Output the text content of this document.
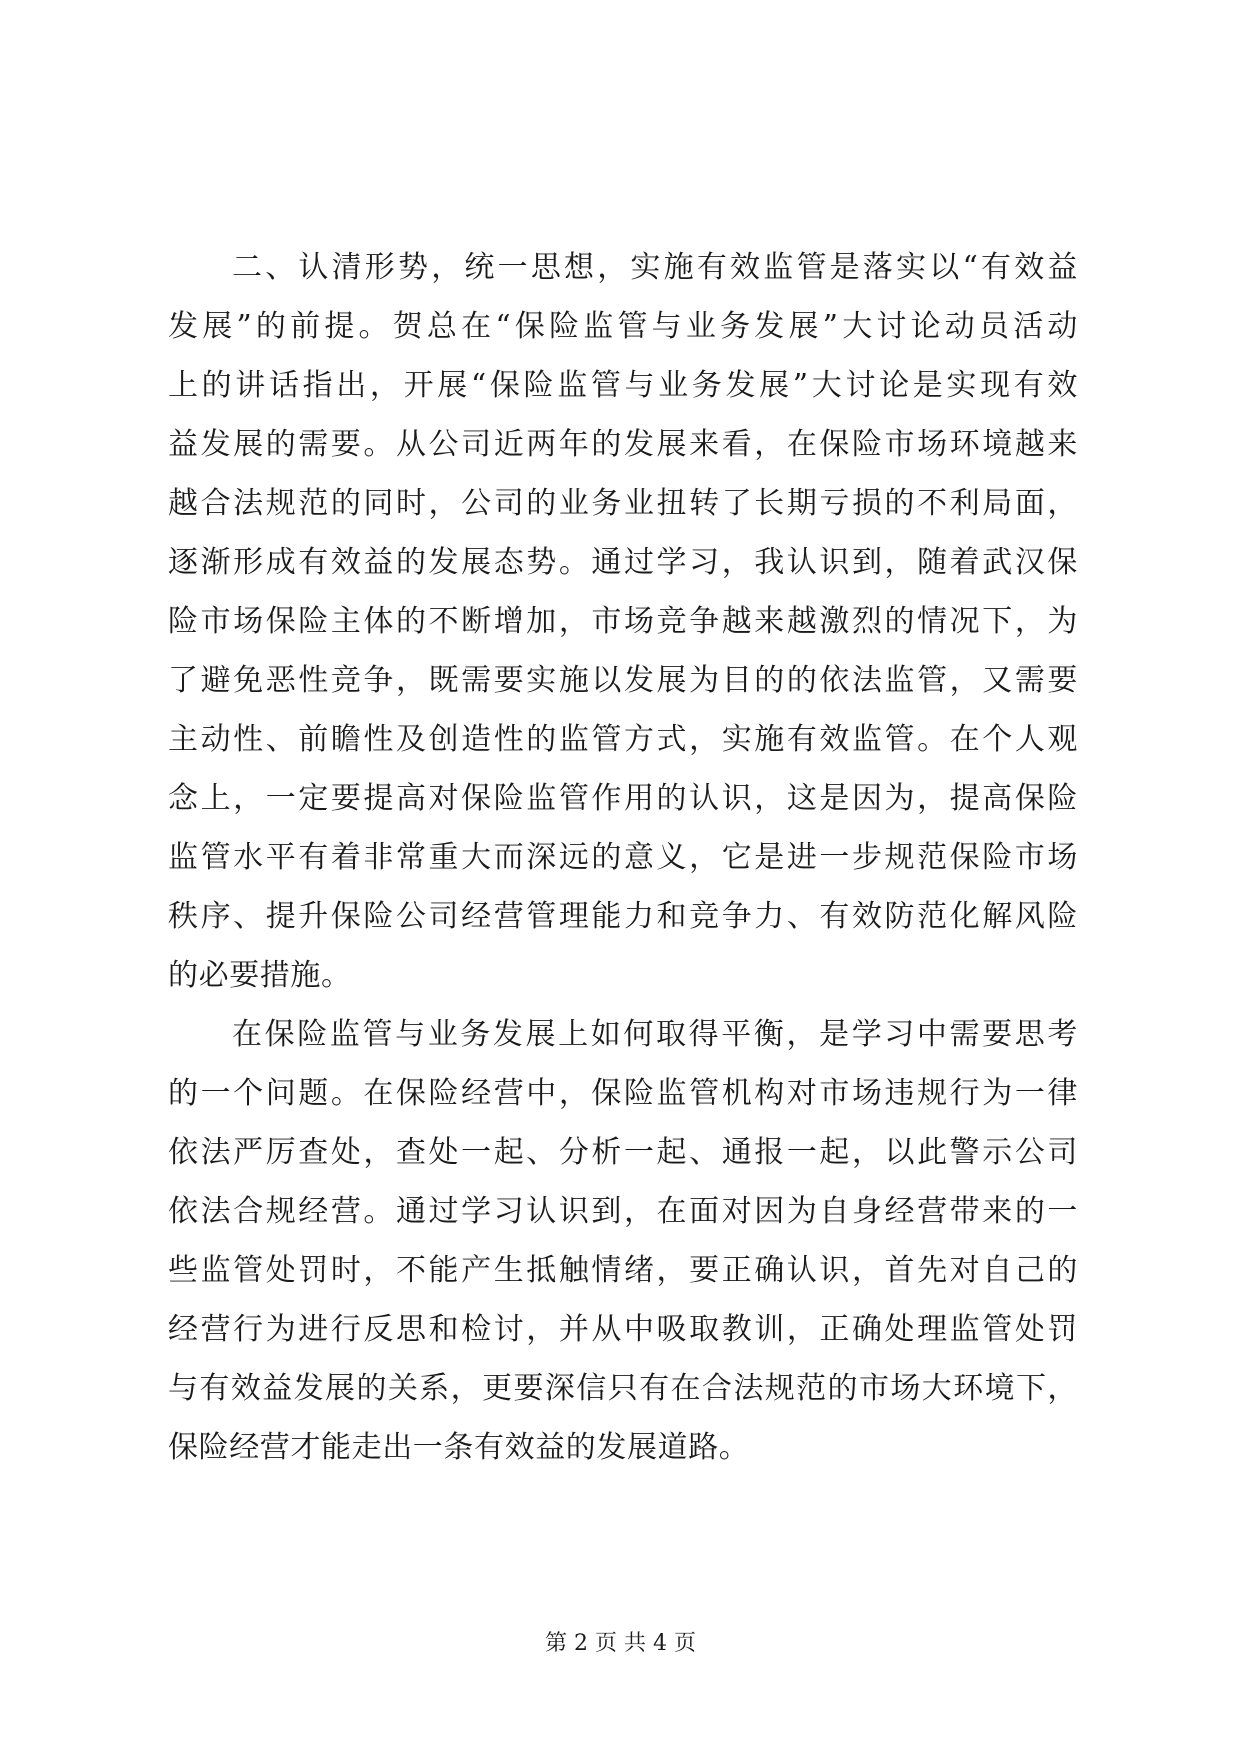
二、认清形势，统一思想，实施有效监管是落实以“有效益
发展”的前提。贺总在“保险监管与业务发展”大讨论动员活动
上的讲话指出，开展“保险监管与业务发展”大讨论是实现有效
益发展的需要。从公司近两年的发展来看，在保险市场环境越来
越合法规范的同时，公司的业务业扭转了长期亏损的不利局面，
逐渐形成有效益的发展态势。通过学习，我认识到，随着武汉保
险市场保险主体的不断增加，市场竞争越来越激烈的情况下，为
了避免恶性竞争，既需要实施以发展为目的的依法监管，又需要
主动性、前瞻性及创造性的监管方式，实施有效监管。在个人观
念上，一定要提高对保险监管作用的认识，这是因为，提高保险
监管水平有着非常重大而深远的意义，它是进一步规范保险市场
秩序、提升保险公司经营管理能力和竞争力、有效防范化解风险
的必要措施。
在保险监管与业务发展上如何取得平衡，是学习中需要思考
的一个问题。在保险经营中，保险监管机构对市场违规行为一律
依法严厉查处，查处一起、分析一起、通报一起，以此警示公司
依法合规经营。通过学习认识到，在面对因为自身经营带来的一
些监管处罚时，不能产生抵触情绪，要正确认识，首先对自己的
经营行为进行反思和检讨，并从中吸取教训，正确处理监管处罚
与有效益发展的关系，更要深信只有在合法规范的市场大环境下，
保险经营才能走出一条有效益的发展道路。
第 2 页 共 4 页
